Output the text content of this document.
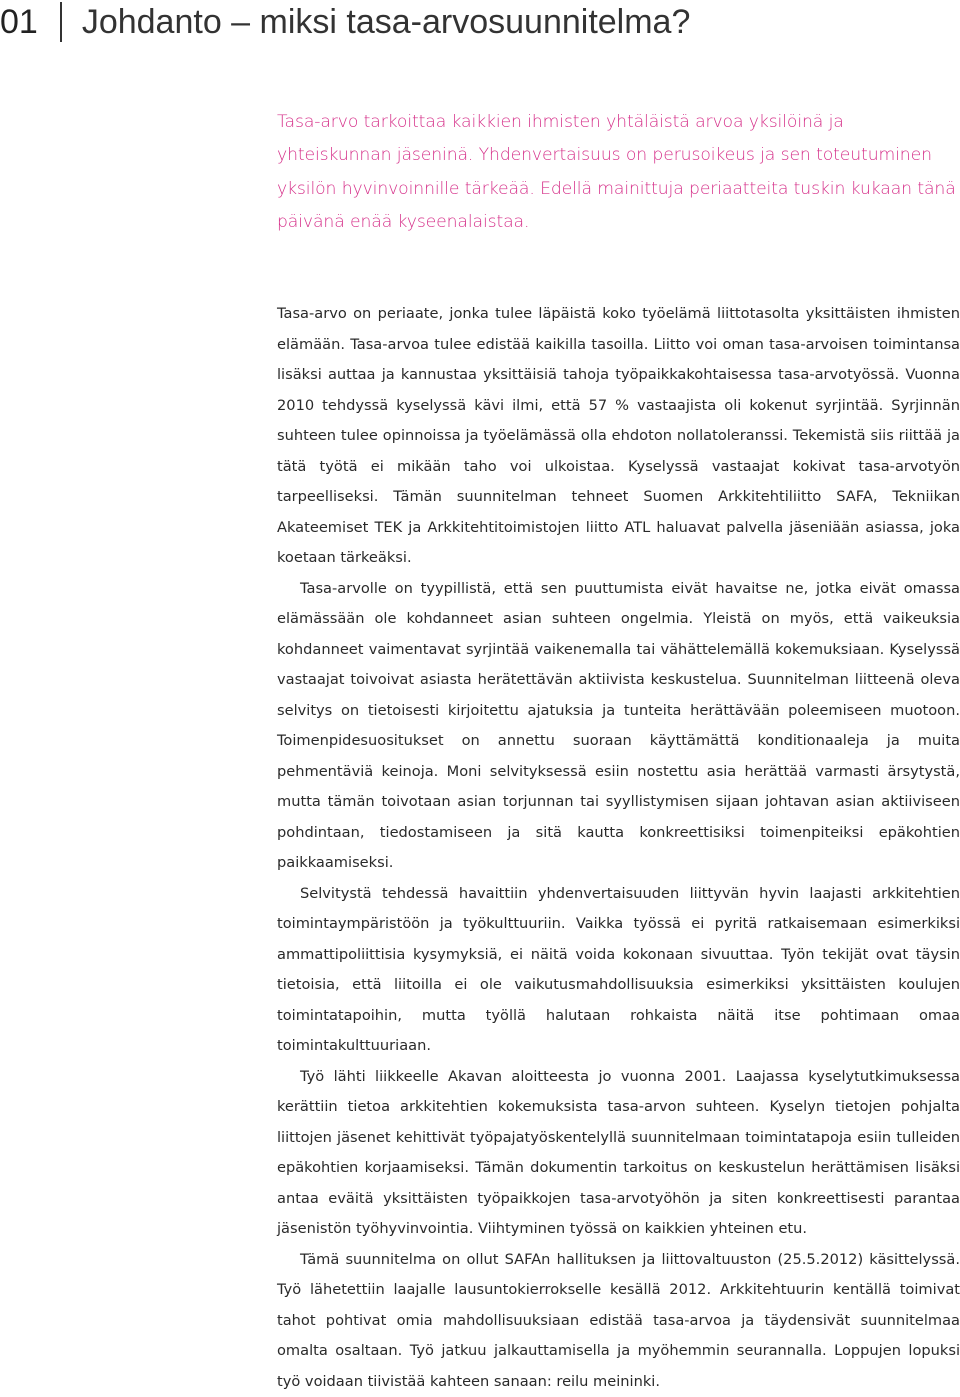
01 Johdanto – miksi tasa-arvosuunnitelma?

Tasa-arvo tarkoittaa kaikkien ihmisten yhtäläistä arvoa yksilöinä ja yhteiskunnan jäseninä. Yhdenvertaisuus on perusoikeus ja sen toteutuminen yksilön hyvinvoinnille tärkeää. Edellä mainittuja periaatteita tuskin kukaan tänä päivänä enää kyseenalaistaa.

Tasa-arvo on periaate, jonka tulee läpäistä koko työelämä liittotasolta yksittäisten ihmisten elämään. Tasa-arvoa tulee edistää kaikilla tasoilla. Liitto voi oman tasa-arvoisen toimintansa lisäksi auttaa ja kannustaa yksittäisiä tahoja työpaikkakohtaisessa tasa-arvotyössä. Vuonna 2010 tehdyssä kyselyssä kävi ilmi, että 57 % vastaajista oli kokenut syrjintää. Syrjinnän suhteen tulee opinnoissa ja työelämässä olla ehdoton nollatoleranssi. Tekemistä siis riittää ja tätä työtä ei mikään taho voi ulkoistaa. Kyselyssä vastaajat kokivat tasa-arvotyön tarpeelliseksi. Tämän suunnitelman tehneet Suomen Arkkitehtiliitto SAFA, Tekniikan Akateemiset TEK ja Arkkitehtitoimistojen liitto ATL haluavat palvella jäseniään asiassa, joka koetaan tärkeäksi.

Tasa-arvolle on tyypillistä, että sen puuttumista eivät havaitse ne, jotka eivät omassa elämässään ole kohdanneet asian suhteen ongelmia. Yleistä on myös, että vaikeuksia kohdanneet vaimentavat syrjintää vaikenemalla tai vähättelemällä kokemuksiaan. Kyselyssä vastaajat toivoivat asiasta herätettävän aktiivista keskustelua. Suunnitelman liitteenä oleva selvitys on tietoisesti kirjoitettu ajatuksia ja tunteita herättävään poleemiseen muotoon. Toimenpidesuositukset on annettu suoraan käyttämättä konditionaaleja ja muita pehmentäviä keinoja. Moni selvityksessä esiin nostettu asia herättää varmasti ärsytystä, mutta tämän toivotaan asian torjunnan tai syyllistymisen sijaan johtavan asian aktiiviseen pohdintaan, tiedostamiseen ja sitä kautta konkreettisiksi toimenpiteiksi epäkohtien paikkaamiseksi.

Selvitystä tehdessä havaittiin yhdenvertaisuuden liittyvän hyvin laajasti arkkitehtien toimintaympäristöön ja työkulttuuriin. Vaikka työssä ei pyritä ratkaisemaan esimerkiksi ammattipoliittisia kysymyksiä, ei näitä voida kokonaan sivuuttaa. Työn tekijät ovat täysin tietoisia, että liitoilla ei ole vaikutusmahdollisuuksia esimerkiksi yksittäisten koulujen toimintatapoihin, mutta työllä halutaan rohkaista näitä itse pohtimaan omaa toimintakulttuuriaan.

Työ lähti liikkeelle Akavan aloitteesta jo vuonna 2001. Laajassa kyselytutkimuksessa kerättiin tietoa arkkitehtien kokemuksista tasa-arvon suhteen. Kyselyn tietojen pohjalta liittojen jäsenet kehittivät työpajatyöskentelyllä suunnitelmaan toimintatapoja esiin tulleiden epäkohtien korjaamiseksi. Tämän dokumentin tarkoitus on keskustelun herättämisen lisäksi antaa eväitä yksittäisten työpaikkojen tasa-arvotyöhön ja siten konkreettisesti parantaa jäsenistön työhyvinvointia. Viihtyminen työssä on kaikkien yhteinen etu.

Tämä suunnitelma on ollut SAFAn hallituksen ja liittovaltuuston (25.5.2012) käsittelyssä. Työ lähetettiin laajalle lausuntokierrokselle kesällä 2012. Arkkitehtuurin kentällä toimivat tahot pohtivat omia mahdollisuuksiaan edistää tasa-arvoa ja täydensivät suunnitelmaa omalta osaltaan. Työ jatkuu jalkauttamisella ja myöhemmin seurannalla. Loppujen lopuksi työ voidaan tiivistää kahteen sanaan: reilu meininki.
